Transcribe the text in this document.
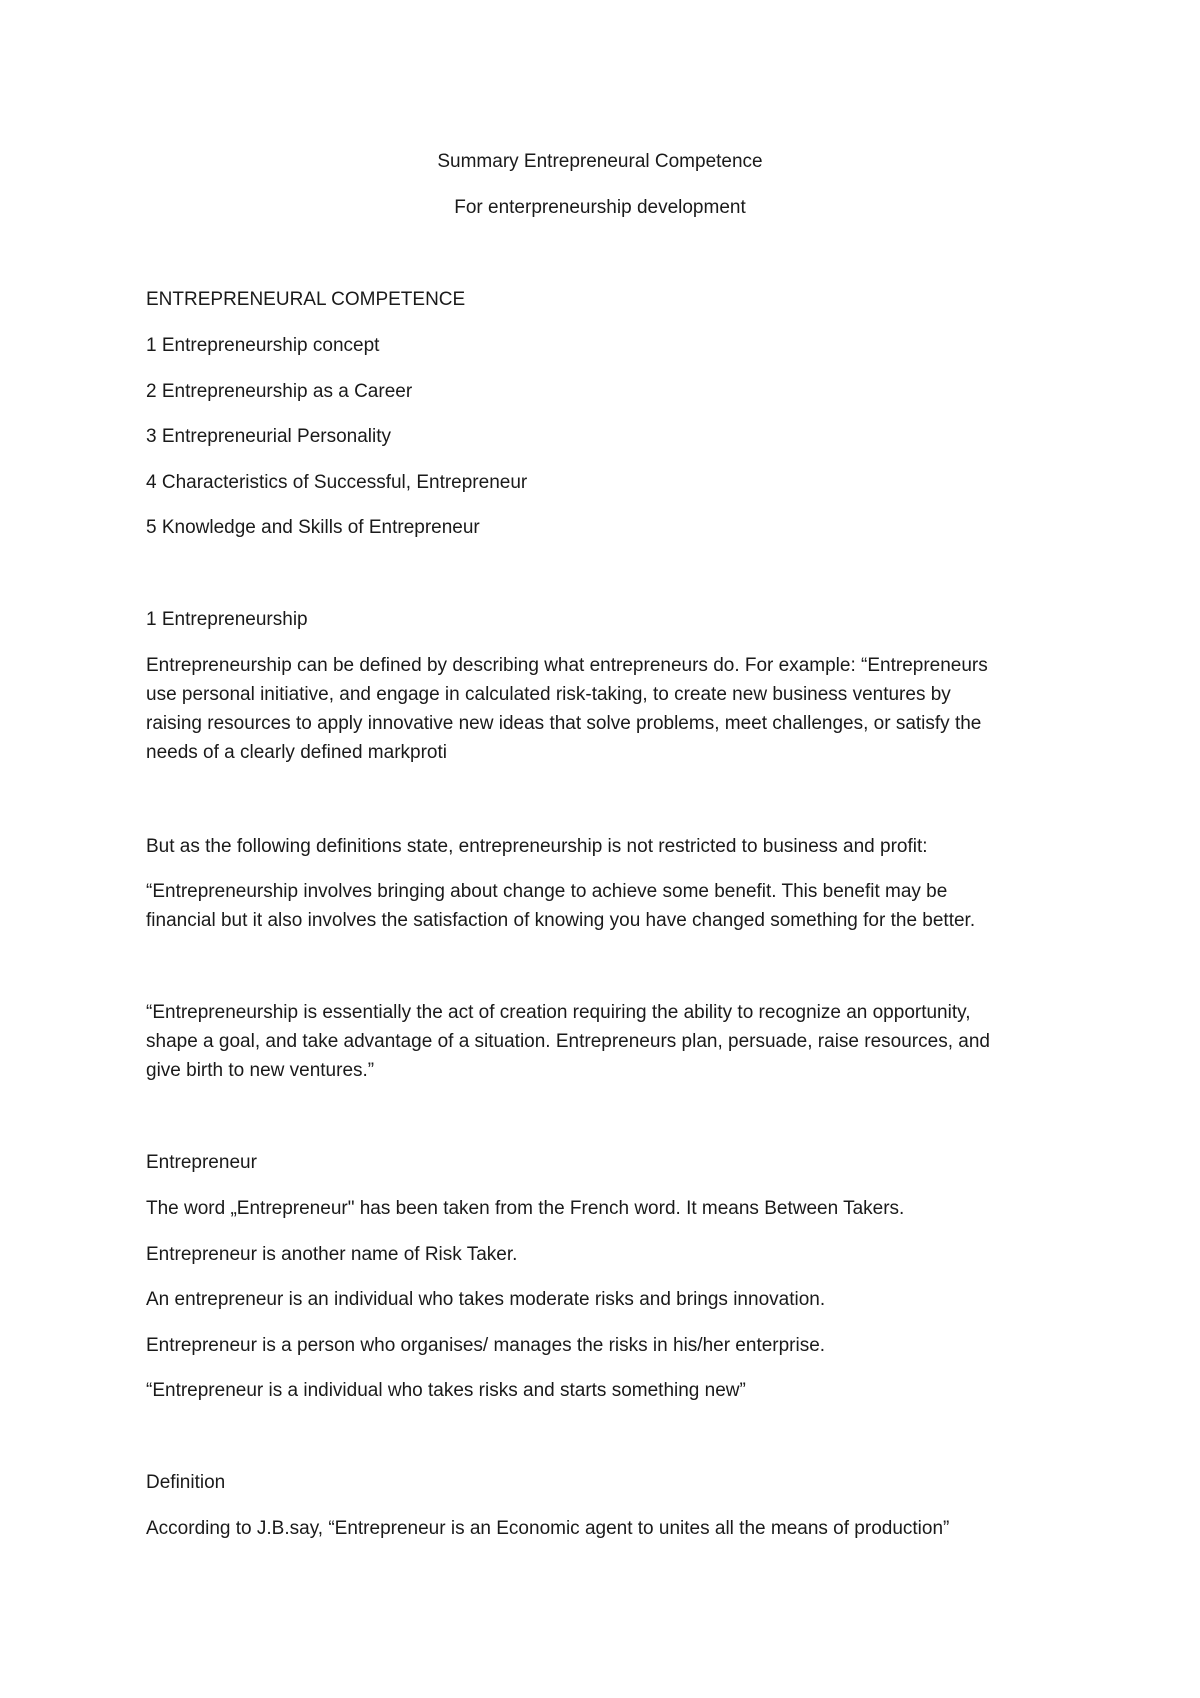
Summary Entrepreneural Competence
For enterpreneurship development
ENTREPRENEURAL COMPETENCE
1 Entrepreneurship concept
2 Entrepreneurship as a Career
3 Entrepreneurial Personality
4 Characteristics of Successful, Entrepreneur
5 Knowledge and Skills of Entrepreneur
1 Entrepreneurship
Entrepreneurship can be defined by describing what entrepreneurs do. For example: “Entrepreneurs
use personal initiative, and engage in calculated risk-taking, to create new business ventures by
raising resources to apply innovative new ideas that solve problems, meet challenges, or satisfy the
needs of a clearly defined markproti
But as the following definitions state, entrepreneurship is not restricted to business and profit:
“Entrepreneurship involves bringing about change to achieve some benefit. This benefit may be
financial but it also involves the satisfaction of knowing you have changed something for the better.
“Entrepreneurship is essentially the act of creation requiring the ability to recognize an opportunity,
shape a goal, and take advantage of a situation. Entrepreneurs plan, persuade, raise resources, and
give birth to new ventures.”
Entrepreneur
The word „Entrepreneur" has been taken from the French word. It means Between Takers.
Entrepreneur is another name of Risk Taker.
An entrepreneur is an individual who takes moderate risks and brings innovation.
Entrepreneur is a person who organises/ manages the risks in his/her enterprise.
“Entrepreneur is a individual who takes risks and starts something new”
Definition
According to J.B.say, “Entrepreneur is an Economic agent to unites all the means of production”
